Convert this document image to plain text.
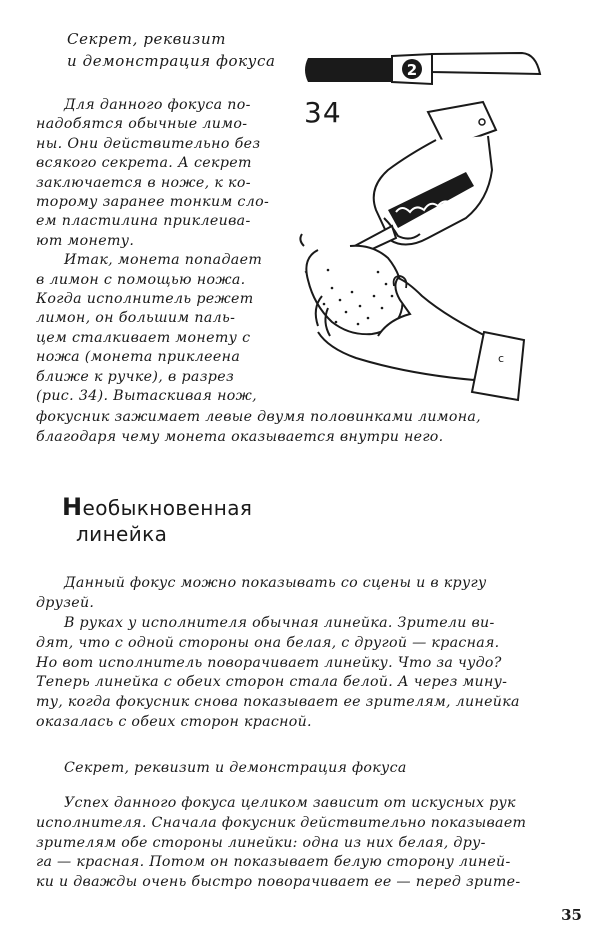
Секрет, реквизит
и демонстрация фокуса
Для данного фокуса по-
надобятся обычные лимо-
ны. Они действительно без
всякого секрета. А секрет
заключается в ноже, к ко-
торому заранее тонким сло-
ем пластилина приклеива-
ют монету.
Итак, монета попадает
в лимон с помощью ножа.
Когда исполнитель режет
лимон, он большим паль-
цем сталкивает монету с
ножа (монета приклеена
ближе к ручке), в разрез
(рис. 34). Вытаскивая нож,
фокусник зажимает левые двумя половинками лимона,
благодаря чему монета оказывается внутри него.
2
34
c
Необыкновенная
линейка
Данный фокус можно показывать со сцены и в кругу
друзей.
В руках у исполнителя обычная линейка. Зрители ви-
дят, что с одной стороны она белая, с другой — красная.
Но вот исполнитель поворачивает линейку. Что за чудо?
Теперь линейка с обеих сторон стала белой. А через мину-
ту, когда фокусник снова показывает ее зрителям, линейка
оказалась с обеих сторон красной.
Секрет, реквизит и демонстрация фокуса
Успех данного фокуса целиком зависит от искусных рук
исполнителя. Сначала фокусник действительно показывает
зрителям обе стороны линейки: одна из них белая, дру-
га — красная. Потом он показывает белую сторону линей-
ки и дважды очень быстро поворачивает ее — перед зрите-
35
